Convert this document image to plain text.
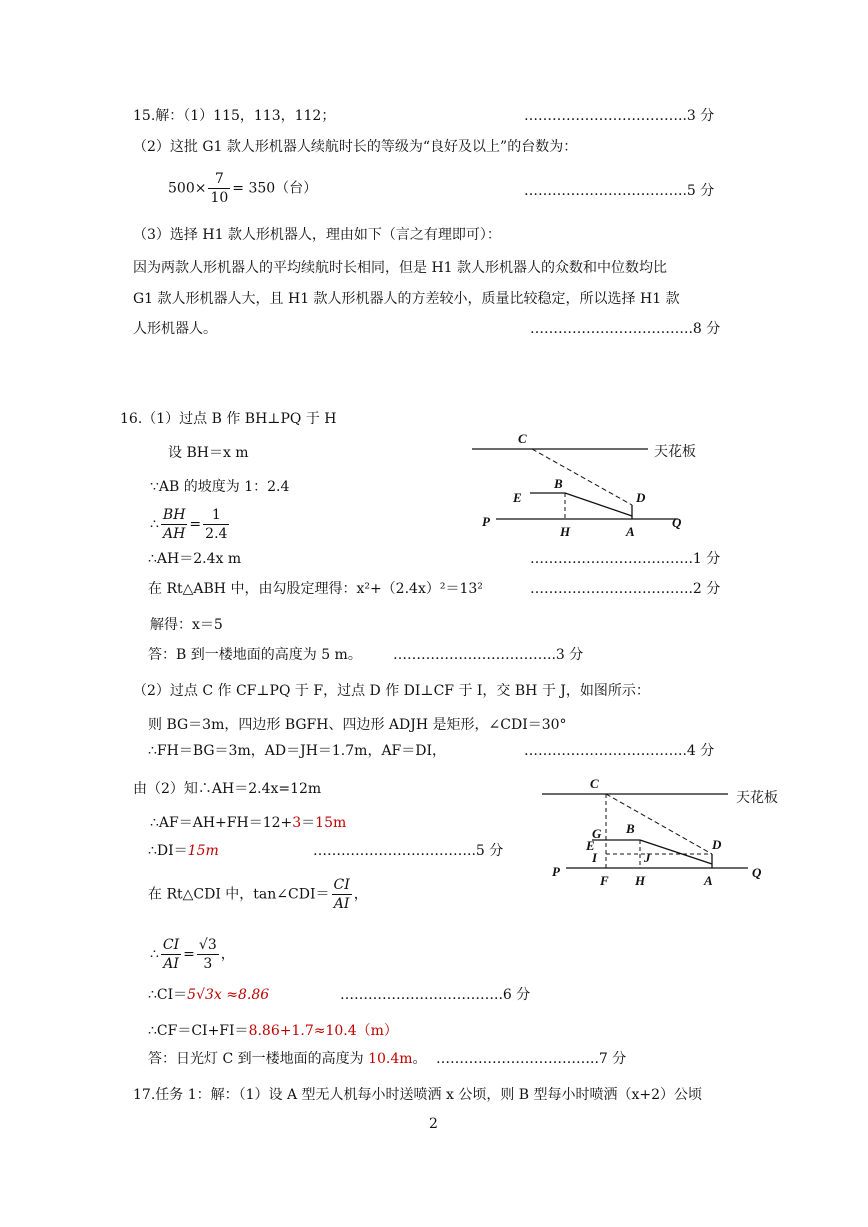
15.解：（1）115，113，112；	……………………………..3 分
（2）这批 G1 款人形机器人续航时长的等级为“良好及以上”的台数为：
$500\times \frac{7}{10} = 350$（台）	……………………………..5 分
（3）选择 H1 款人形机器人，理由如下（言之有理即可）：
因为两款人形机器人的平均续航时长相同，但是 H1 款人形机器人的众数和中位数均比
G1 款人形机器人大，且 H1 款人形机器人的方差较小，质量比较稳定，所以选择 H1 款
人形机器人。	……………………………..8 分
16.（1）过点 B 作 BH⊥PQ 于 H
设 BH＝x m
∵AB 的坡度为 1：2.4
∴ $\frac{BH}{AH} = \frac{1}{2.4}$
∴AH＝2.4x m	……………………………..1 分
在 Rt△ABH 中，由勾股定理得：x²+（2.4x）²＝13²	……………………………..2 分
解得：x＝5
答：B 到一楼地面的高度为 5 m。 ……………………………..3 分
（2）过点 C 作 CF⊥PQ 于 F，过点 D 作 DI⊥CF 于 I，交 BH 于 J，如图所示：
则 BG＝3m，四边形 BGFH、四边形 ADJH 是矩形，∠CDI＝30°
∴FH＝BG＝3m，AD＝JH＝1.7m，AF＝DI，	……………………………..4 分
由（2）知∴AH＝2.4x=12m
∴AF＝AH+FH＝12+3＝15m
∴DI＝15m	……………………………..5 分
在 Rt△CDI 中，tan∠CDI＝ $\frac{CI}{AI}$ ，
∴ $\frac{CI}{AI} = \frac{√3}{3}$ ，
∴CI＝5√3x ≈8.86	……………………………..6 分
∴CF＝CI+FI＝8.86+1.7≈10.4（m）
答：日光灯 C 到一楼地面的高度为 10.4m。 ……………………………..7 分
17.任务 1：解：（1）设 A 型无人机每小时送喷洒 x 公顷，则 B 型每小时喷洒（x+2）公顷
C
天花板
E
B
D
P
H	A
Q
C
天花板
G
E
B
I	J
D
P
F H	A
Q
2
